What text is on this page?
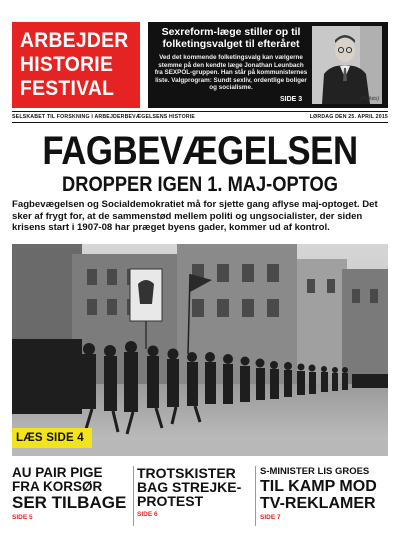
ARBEJDER
HISTORIE
FESTIVAL
Sexreform-læge stiller op til folketingsvalget til efteråret
Ved det kommende folketingsvalg kan vælgerne stemme på den kendte læge Jonathan Leunbach fra SEXPOL-gruppen. Han står på kommunisternes liste. Valgprogram: Sundt sexliv, ordentlige boliger og socialisme.
SIDE 3	(Polfoto)
SELSKABET TIL FORSKNING I ARBEJDERBEVÆGELSENS HISTORIE	LØRDAG DEN 25. APRIL 2015
FAGBEVÆGELSEN
DROPPER IGEN 1. MAJ-OPTOG
Fagbevægelsen og Socialdemokratiet må for sjette gang aflyse maj-optoget. Det sker af frygt for, at de sammenstød mellem politi og ungsocialister, der siden krisens start i 1907-08 har præget byens gader, kommer ud af kontrol.
LÆS SIDE 4
AU PAIR PIGE
FRA KORSØR
SER TILBAGE
SIDE 5
TROTSKISTER
BAG STREJKE-
PROTEST
SIDE 6
S-MINISTER LIS GROES
TIL KAMP MOD
TV-REKLAMER
SIDE 7
